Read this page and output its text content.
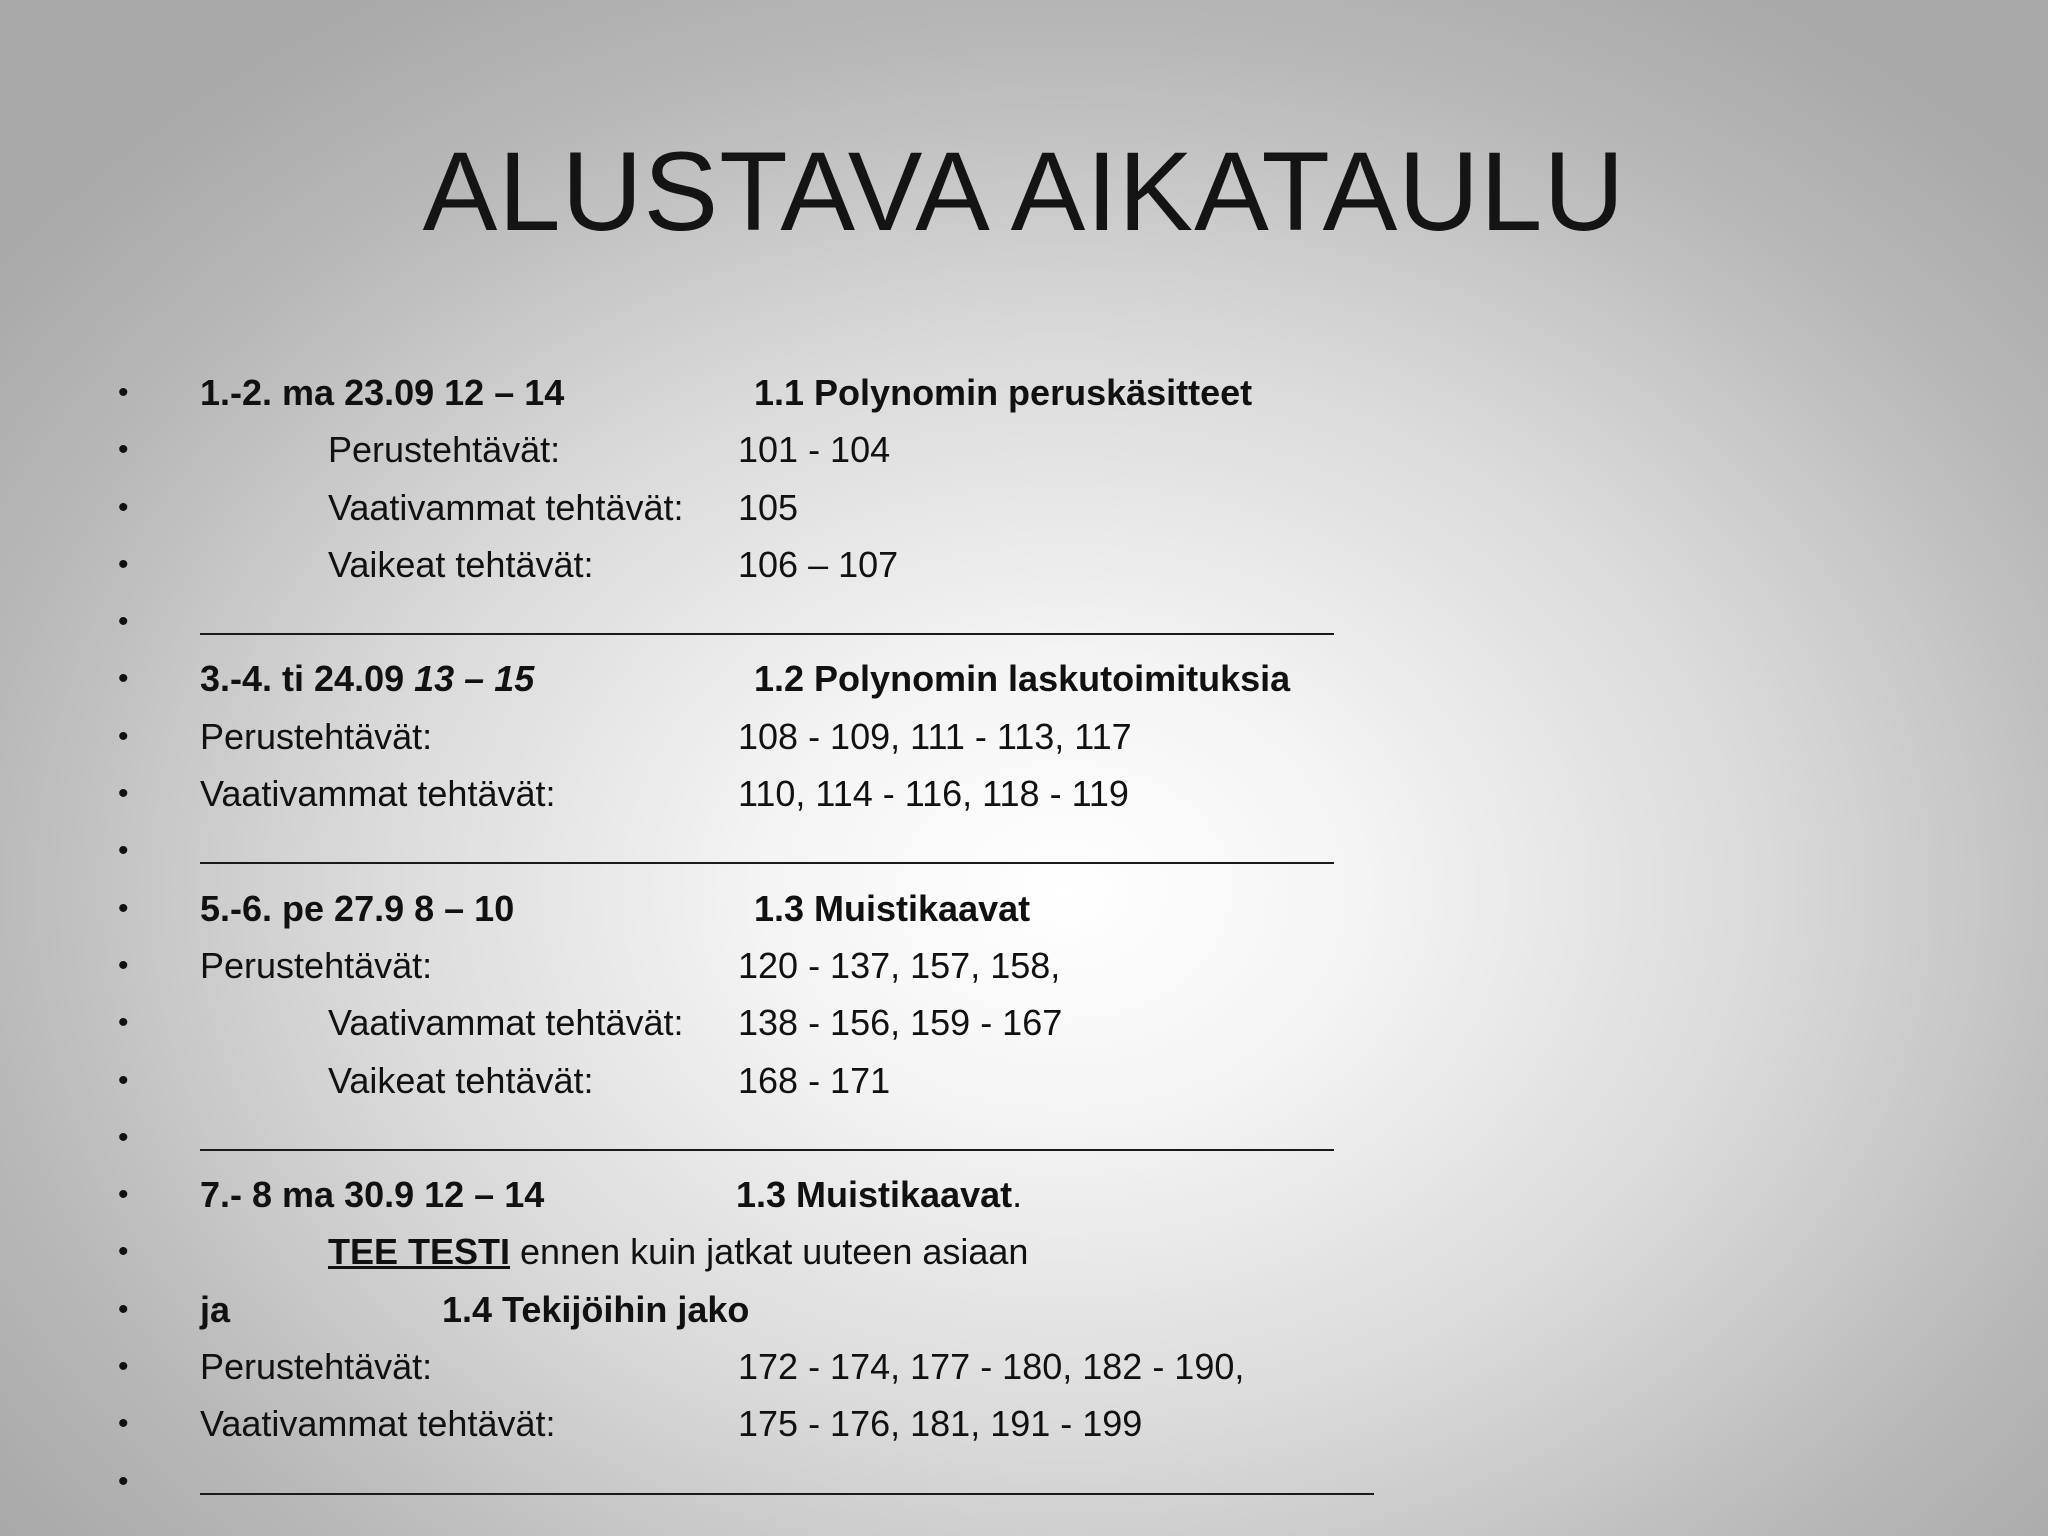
ALUSTAVA AIKATAULU
• 1.-2. ma 23.09 12 – 14	1.1 Polynomin peruskäsitteet
•	Perustehtävät:	101 - 104
•	Vaativammat tehtävät: 105
•	Vaikeat tehtävät:	106 – 107
•
• 3.-4. ti 24.09 13 – 15	1.2 Polynomin laskutoimituksia
• Perustehtävät:	108 - 109, 111 - 113, 117
• Vaativammat tehtävät:	110, 114 - 116, 118 - 119
•
• 5.-6. pe 27.9 8 – 10	1.3 Muistikaavat
• Perustehtävät:	120 - 137, 157, 158,
•	Vaativammat tehtävät: 138 - 156, 159 - 167
•	Vaikeat tehtävät:	168 - 171
•
• 7.- 8 ma 30.9 12 – 14	1.3 Muistikaavat.
•	TEE TESTI ennen kuin jatkat uuteen asiaan
• ja	1.4 Tekijöihin jako
• Perustehtävät:	172 - 174, 177 - 180, 182 - 190,
• Vaativammat tehtävät:	175 - 176, 181, 191 - 199
•
